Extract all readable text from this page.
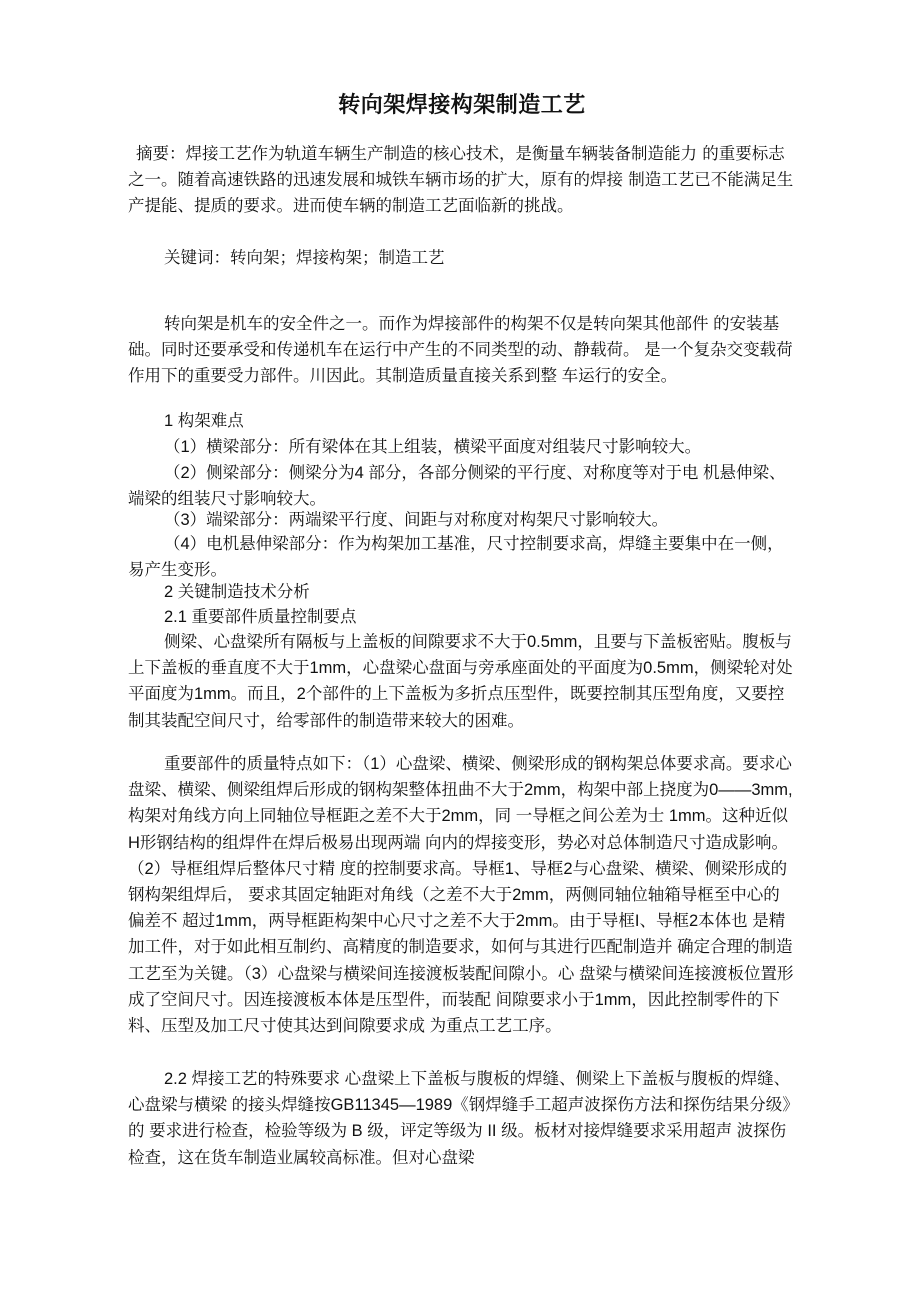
转向架焊接构架制造工艺

摘要：焊接工艺作为轨道车辆生产制造的核心技术，是衡量车辆装备制造能力 的重要标志之一。随着高速铁路的迅速发展和城铁车辆市场的扩大，原有的焊接 制造工艺已不能满足生产提能、提质的要求。进而使车辆的制造工艺面临新的挑战。

关键词：转向架；焊接构架；制造工艺

转向架是机车的安全件之一。而作为焊接部件的构架不仅是转向架其他部件 的安装基础。同时还要承受和传递机车在运行中产生的不同类型的动、静载荷。 是一个复杂交变载荷作用下的重要受力部件。川因此。其制造质量直接关系到整 车运行的安全。

1 构架难点

（1）横梁部分：所有梁体在其上组装，横梁平面度对组装尺寸影响较大。

（2）侧梁部分：侧梁分为4 部分，各部分侧梁的平行度、对称度等对于电 机悬伸梁、端梁的组装尺寸影响较大。

（3）端梁部分：两端梁平行度、间距与对称度对构架尺寸影响较大。

（4）电机悬伸梁部分：作为构架加工基准，尺寸控制要求高，焊缝主要集中在一侧，易产生变形。

2 关键制造技术分析

2.1 重要部件质量控制要点

侧梁、心盘梁所有隔板与上盖板的间隙要求不大于0.5mm，且要与下盖板密贴。腹板与上下盖板的垂直度不大于1mm，心盘梁心盘面与旁承座面处的平面度为0.5mm，侧梁轮对处平面度为1mm。而且，2个部件的上下盖板为多折点压型件，既要控制其压型角度，又要控制其装配空间尺寸，给零部件的制造带来较大的困难。

重要部件的质量特点如下：（1）心盘梁、横梁、侧梁形成的钢构架总体要求高。要求心盘梁、横梁、侧梁组焊后形成的钢构架整体扭曲不大于2mm，构架中部上挠度为0——3mm, 构架对角线方向上同轴位导框距之差不大于2mm，同 一导框之间公差为士 1mm。这种近似H形钢结构的组焊件在焊后极易出现两端 向内的焊接变形，势必对总体制造尺寸造成影响。（2）导框组焊后整体尺寸精 度的控制要求高。导框1、导框2与心盘梁、横梁、侧梁形成的钢构架组焊后， 要求其固定轴距对角线（之差不大于2mm，两侧同轴位轴箱导框至中心的偏差不 超过1mm，两导框距构架中心尺寸之差不大于2mm。由于导框I、导框2本体也 是精加工件，对于如此相互制约、高精度的制造要求，如何与其进行匹配制造并 确定合理的制造工艺至为关键。（3）心盘梁与横梁间连接渡板装配间隙小。心 盘梁与横梁间连接渡板位置形成了空间尺寸。因连接渡板本体是压型件，而装配 间隙要求小于1mm，因此控制零件的下料、压型及加工尺寸使其达到间隙要求成 为重点工艺工序。

2.2 焊接工艺的特殊要求 心盘梁上下盖板与腹板的焊缝、侧梁上下盖板与腹板的焊缝、心盘梁与横梁 的接头焊缝按GB11345—1989《钢焊缝手工超声波探伤方法和探伤结果分级》的 要求进行检查，检验等级为 B 级，评定等级为 II 级。板材对接焊缝要求采用超声 波探伤检查，这在货车制造业属较高标准。但对心盘梁
